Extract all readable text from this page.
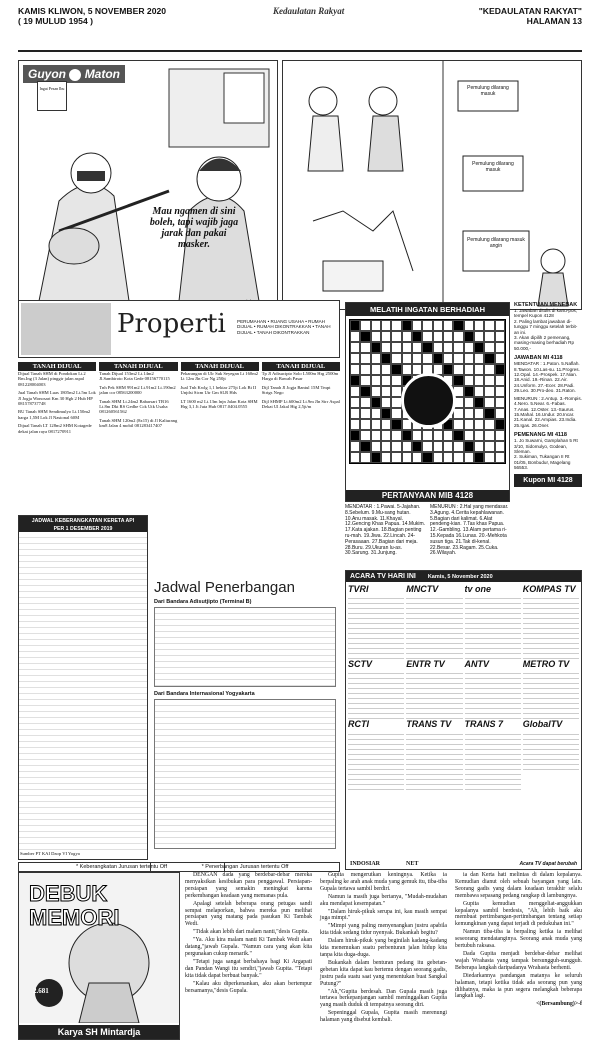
KAMIS KLIWON, 5 NOVEMBER 2020
( 19 MULUD 1954 )
Kedaulatan Rakyat	"KEDAULATAN RAKYAT"
HALAMAN 13
Guyon Maton
Ingat Pesan Ibu
Mau ngamen di sini boleh, tapi wajib jaga jarak dan pakai masker.
Pemulung dilarang masuk
Pemulung dilarang masuk
Pemulung dilarang masuk angin
Properti PERUMAHAN • RUANG USAHA • RUMAH DIJUAL • RUMAH DIKONTRAKKAN • TANAH DIJUAL • TANAH DIKONTRAKKAN
TANAH DIJUAL

Dijual Tanah SHM di Pondokan Lt.2 Rm.Ing (3 Jalan) pinggir jalan aspal 081228004003

Jual Tanah SHM Luas 1805m2 Lt.5m Lok Jl Jogja Wonosari Km 30 Hgb 2 Hub HP 081578737748

BU Tanah SHM Sendimulyo Lt.150m2 harga 1,5M Lok Jl Nasional 60M

Dijual Tanah LT 128m2 SHM Kotagede dekat jalan raya 0817270911

TANAH DIJUAL

Tanah Dijual 153m2 Lt.14m2 Jl.Sambiroto Kota Gede 08156770115

Tnh Pek SHM 991m2 Lt.91m2 Lt.190m2 jalan cor 08563200000

Tanah SHM Lt.24m2 Babarsari TB16 Lt.8m Dkt RS Gedhe Cck Utk Usaha 081260561562

Tanah SHM 120m2 (8x15) di Jl Kaliurang km8 Jalan 4 mobil 081283417407

TANAH DIJUAL

Pekarangan di Ulr Suk Seyegan Lt 160m2 Lt 12m Jln Cor Ng 250jt

Jual Tnh Kwlg 1,1 hektar 275jt Lok Bt II Unjdsi Sicm Utr Gm SLR Hds

LT 1600 m2 Lt.13m lnjn Jalan Kota SHM Hrg 3,1 Jt Juta Hub 0817.0404.0555

TANAH DIJUAL

Tp Jl Adisucipto Solo L500m Hrg 2500m Harga di Bawah Pasar

Dijl Tanah Jl Jogja Bantul 15M Tmpt Strtgs Nego

Dijl SHMP Lt.600m2 Lt.9m Jln Sirr Aspal Dekat Ul Jakal Htg 2,5jt/m

JADWAL KEBERANGKATAN KERETA API
PER 1 DESEMBER 2019
Sumber PT KAI Daop VI Yogya
* Keberangkatan Jurusan tertentu Off
Jadwal Penerbangan
Dari Bandara Adisutjipto (Terminal B)
Dari Bandara Internasional Yogyakarta
* Penerbangan Jurusan tertentu Off
MELATIH INGATAN BERHADIAH
PERTANYAAN MIB 4128
MENDATAR : 1.Pawai. 5-Jajahan. 8.Sebelum. 9.Mu-sang hutan. 10.Anu masak. 11.Khayal. 12.Gencing Khas Papua. 14.Mukim. 17.Kata ajakan. 18.Bagian penting ru-mah. 19.Jiwa. 22.Lincah. 24-Perasaaan. 27.Bagian dari meja. 28.Buru. 29.Ukuran lu-as. 30.Sarung. 31.Junjung.
MENURUN : 2.Hal yang mendasar. 3.Agung. 4.Cerita kepahlawanan. 5.Bagian dari kalimat. 6.Alat pendeng-kian. 7.Tas khas Papua. 12.-Gambling. 13.Alam pertama ri-15.Kepada 16.Lunas. 20.-Mehkota susun tiga. 21.Tak di-kenal. 22.Besar. 23.Ragam. 25.Cuka. 26.Wilayah.
KETENTUAN MENEBAK
1. Jawaban ditulis di kartu-pos, tempel Kupon 4128
2. Paling lambat jawaban di-tunggu 7 minggu setelah terbit-an ini.
3. Akan dipilih 2 pemenang, masing-masing berhadiah Rp 50.000,-
JAWABAN MI 4118
MENDATAR : 1.Paton. 5.Naflah. 8.Tawon. 10.Las-su. 11.Progres. 12.Opal. 14.-Prospek. 17.Nian. 18.Anid. 19.-Rinan. 22.Air. 24.Unform. 27.-Ecer. 28.Padi. 29.Leo. 30.Pro-deo. 31.Raton.
MENURUN : 2.Antup. 3.-Rompis. 4.Nero. 5.Near. 6.-Fabas. 7.Anas. 12.Oster. 13.-Saurus. 15.Mahal. 16.Undur. 20.Incar. 21.Kanal. 22.Ampias. 23.India. 25.Igas. 26.Oner.
PEMENANG MI 4118
1. Jo Suwarni, Gamplahan 5 Rt 3/10, Sidomulyo, Godean, Sleman.
2. Sukiman, Tukangan II Rt 01/05, Bonbudur, Magelang 56553.
Kupon MI 4128
ACARA TV HARI INI Kamis, 5 November 2020
TVRI
SCTV
RCTI
MNCTV
ENTR TV
TRANS TV
tv one
ANTV
TRANS 7
KOMPAS TV
METRO TV
GlobalTV
Acara TV dapat berubah
INDOSIAR	NET
DEBUK
MEMORI
2.681
Karya SH Mintardja

DENGAN dada yang berdebar-debar mereka menyaksikan kesibukan para penggawal. Persiapan- persiapan yang semakin meningkat karena perkembangan keadaan yang memanas pula.

Apalagi setelah beberapa orang petugas sandi sempat melaporkan, bahwa mereka pun melihat persiapan yang matang pada pasukan Ki Tambak Wedi.

"Tidak akan lebih dari malam nanti,"desis Gupita.

"Ya. Aku kira malam nanti Ki Tambak Wedi akan datang,"jawab Gupala. "Namun cara yang akan kita pergunakan cukup menarik."

"Tetapi juga sangat berbahaya bagi Ki Argapati dan Pandan Wangi itu sendiri,"jawab Gupita. "Tetapi kita tidak dapat berbuat banyak."

"Kalau aku diperkenankan, aku akan bertempur bersamanya,"desis Gupala.

Gupita mengerutkan keningnya. Ketika ia berpaling ke arah anak muda yang gemuk itu, tiba-tiba Gupala tertawa sambil berdiri.

Namun ia masih juga bertanya, "Mudah-mudahan aku mendapat kesempatan."

"Dalam hiruk-pikuk serupa ini, kau masih sempat juga mimpi."

"Mimpi yang paling menyenangkan justru apabila kita tidak sedang tidur nyenyak. Bukankah begitu?

Dalam hiruk-pikuk yang beginilah kadang-kadang kita menemukan suatu perbenturan jalan hidup kita tanpa kita duga-duga.

Bukankah dalam benturan pedang itu gebetan-gebetan kita dapat kau bertemu dengan seorang gadis, justru pada suatu saat yang menentukan buat Sangkal Putung?"

"Ah,"Gupita berdesah. Dan Gupala masih juga tertawa berkepanjangan sambil meninggalkan Gupita yang masih duduk di tempatnya seorang diri.

Sepeninggal Gupala, Gupita masih merenungi halaman yang disebut kembali.

ia dan Kerta hati melintas di dalam kepalanya. Kemudian dianut oleh sebuah bayangan yang lain. Seorang gadis yang dalam keadaan terakhir selalu membawa sepasang pedang rangkap di lambungnya.

Gupita kemudian menggeliat-anggukkan kepalanya sambil berdesis, "Ah, lebih baik aku membuat pertimbangan-pertimbangan tentang setiap kemungkinan yang dapat terjadi di pedukuhan ini."

Namun tiba-tiba ia berpaling ketika ia melihat seseorang mendatanginya. Seorang anak muda yang bertubuh raksasa.

Dada Gupita menjadi berdebar-debar melihat wajah Wrahasta yang tampak bersungguh-sungguh. Beberapa langkah daripadanya Wrahasta berhenti.

Diedarkannya pandangan matanya ke seluruh halaman, tetapi ketika tidak ada seorang pun yang dilihatnya, maka ia pun segera melangkah beberapa langkah lagi.

<(Bersambung)>-f
